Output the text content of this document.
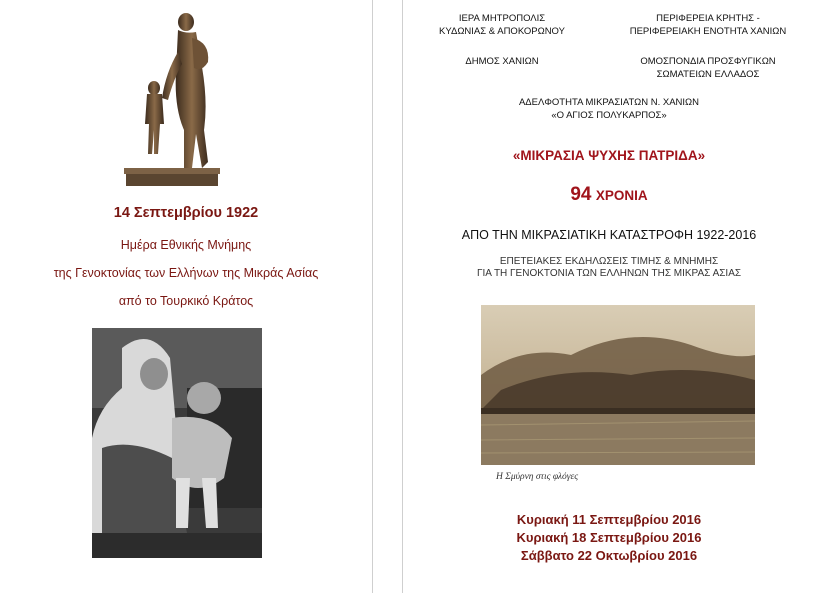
14 Σεπτεμβρίου 1922
Ημέρα Εθνικής Μνήμης
της Γενοκτονίας των Ελλήνων της Μικράς Ασίας
από το Τουρκικό Κράτος
ΙΕΡΑ ΜΗΤΡΟΠΟΛΙΣ
ΚΥΔΩΝΙΑΣ & ΑΠΟΚΟΡΩΝΟΥ
ΠΕΡΙΦΕΡΕΙΑ ΚΡΗΤΗΣ -
ΠΕΡΙΦΕΡΕΙΑΚΗ ΕΝΟΤΗΤΑ ΧΑΝΙΩΝ
ΔΗΜΟΣ ΧΑΝΙΩΝ	ΟΜΟΣΠΟΝΔΙΑ ΠΡΟΣΦΥΓΙΚΩΝ
ΣΩΜΑΤΕΙΩΝ ΕΛΛΑΔΟΣ
ΑΔΕΛΦΟΤΗΤΑ ΜΙΚΡΑΣΙΑΤΩΝ Ν. ΧΑΝΙΩΝ
«Ο ΑΓΙΟΣ ΠΟΛΥΚΑΡΠΟΣ»
«ΜΙΚΡΑΣΙΑ ΨΥΧΗΣ ΠΑΤΡΙΔΑ»
94 ΧΡΟΝΙΑ
ΑΠΟ ΤΗΝ ΜΙΚΡΑΣΙΑΤΙΚΗ ΚΑΤΑΣΤΡΟΦΗ 1922-2016
ΕΠΕΤΕΙΑΚΕΣ ΕΚΔΗΛΩΣΕΙΣ ΤΙΜΗΣ & ΜΝΗΜΗΣ
ΓΙΑ ΤΗ ΓΕΝΟΚΤΟΝΙΑ ΤΩΝ ΕΛΛΗΝΩΝ ΤΗΣ ΜΙΚΡΑΣ ΑΣΙΑΣ
Η Σμύρνη στις φλόγες
Κυριακή 11 Σεπτεμβρίου 2016
Κυριακή 18 Σεπτεμβρίου 2016
Σάββατο 22 Οκτωβρίου 2016
